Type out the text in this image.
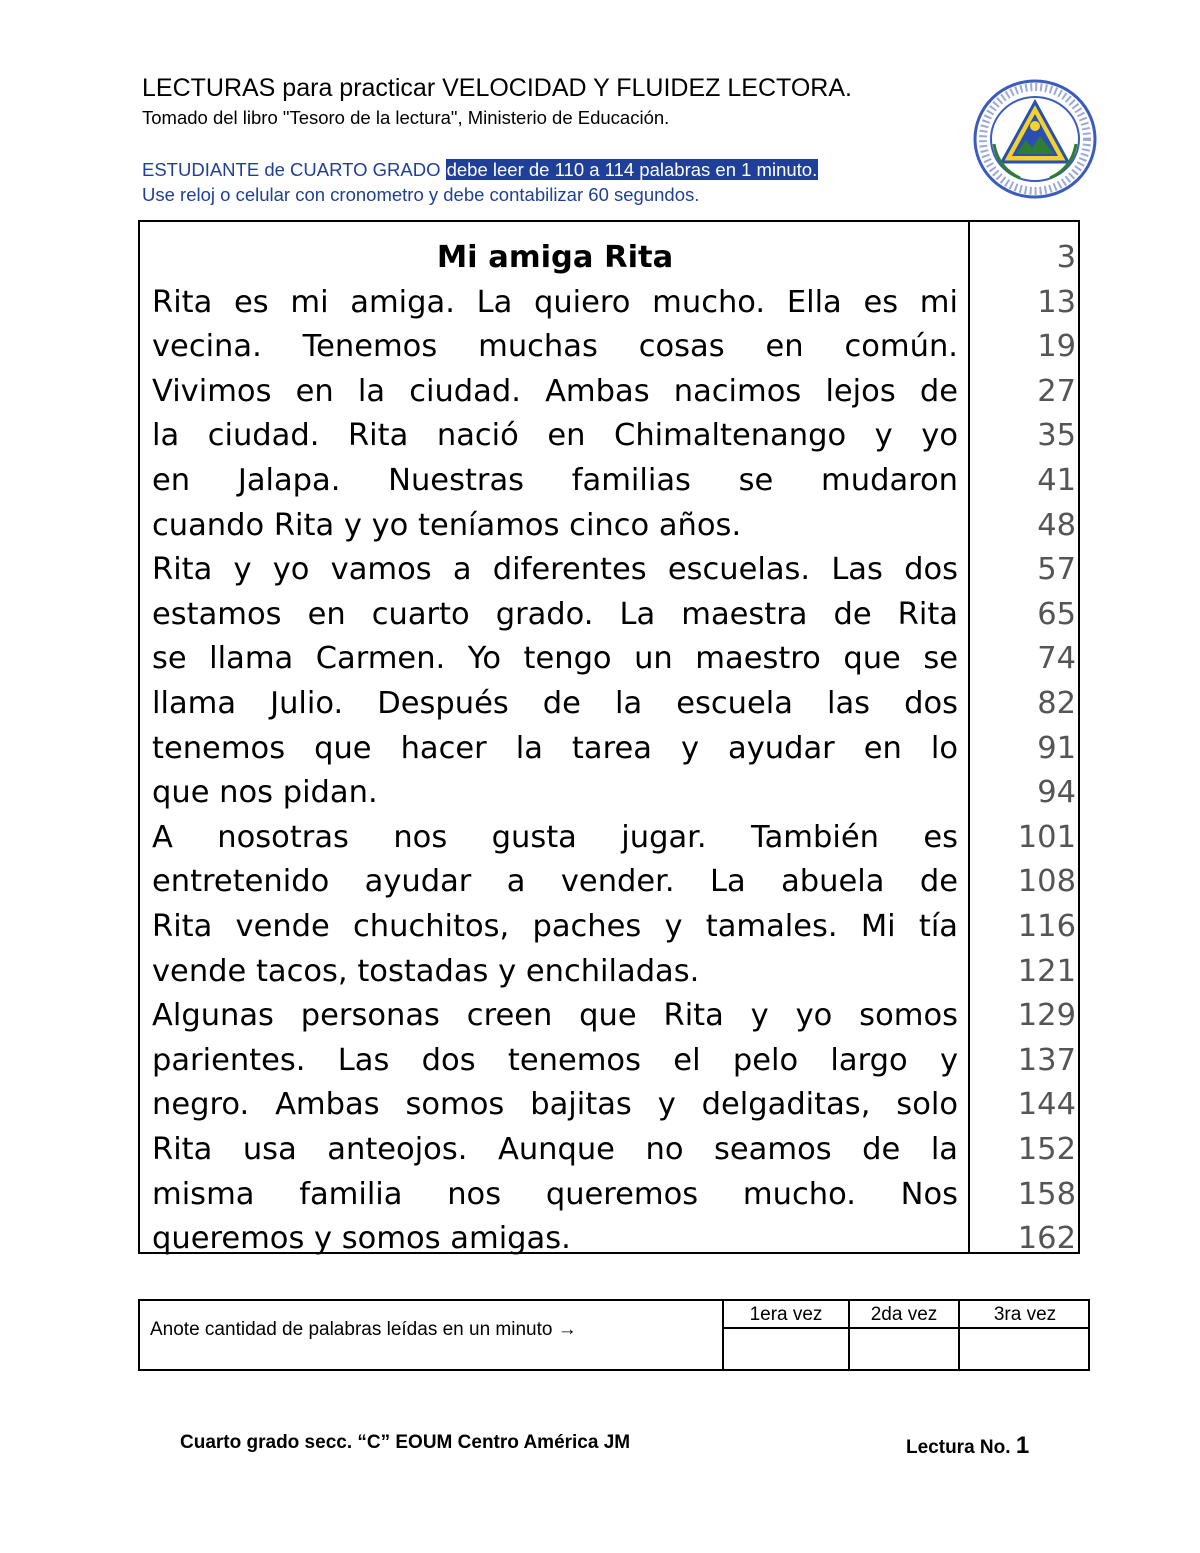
LECTURAS para practicar VELOCIDAD Y FLUIDEZ LECTORA.
Tomado del libro "Tesoro de la lectura", Ministerio de Educación.
ESTUDIANTE de CUARTO GRADO debe leer de 110 a 114 palabras en 1 minuto.
Use reloj o celular con cronometro y debe contabilizar 60 segundos.
Mi amiga Rita	3
Rita es mi amiga. La quiero mucho. Ella es mi	13
vecina. Tenemos muchas cosas en común.	19
Vivimos en la ciudad. Ambas nacimos lejos de	27
la ciudad. Rita nació en Chimaltenango y yo	35
en Jalapa. Nuestras familias se mudaron	41
cuando Rita y yo teníamos cinco años.	48
Rita y yo vamos a diferentes escuelas. Las dos	57
estamos en cuarto grado. La maestra de Rita	65
se llama Carmen. Yo tengo un maestro que se	74
llama Julio. Después de la escuela las dos	82
tenemos que hacer la tarea y ayudar en lo	91
que nos pidan.	94
A nosotras nos gusta jugar. También es	101
entretenido ayudar a vender. La abuela de	108
Rita vende chuchitos, paches y tamales. Mi tía	116
vende tacos, tostadas y enchiladas.	121
Algunas personas creen que Rita y yo somos	129
parientes. Las dos tenemos el pelo largo y	137
negro. Ambas somos bajitas y delgaditas, solo	144
Rita usa anteojos. Aunque no seamos de la	152
misma familia nos queremos mucho. Nos	158
queremos y somos amigas.	162
Anote cantidad de palabras leídas en un minuto →
1era vez	2da vez	3ra vez
Cuarto grado secc. “C” EOUM Centro América JM	Lectura No. 1
